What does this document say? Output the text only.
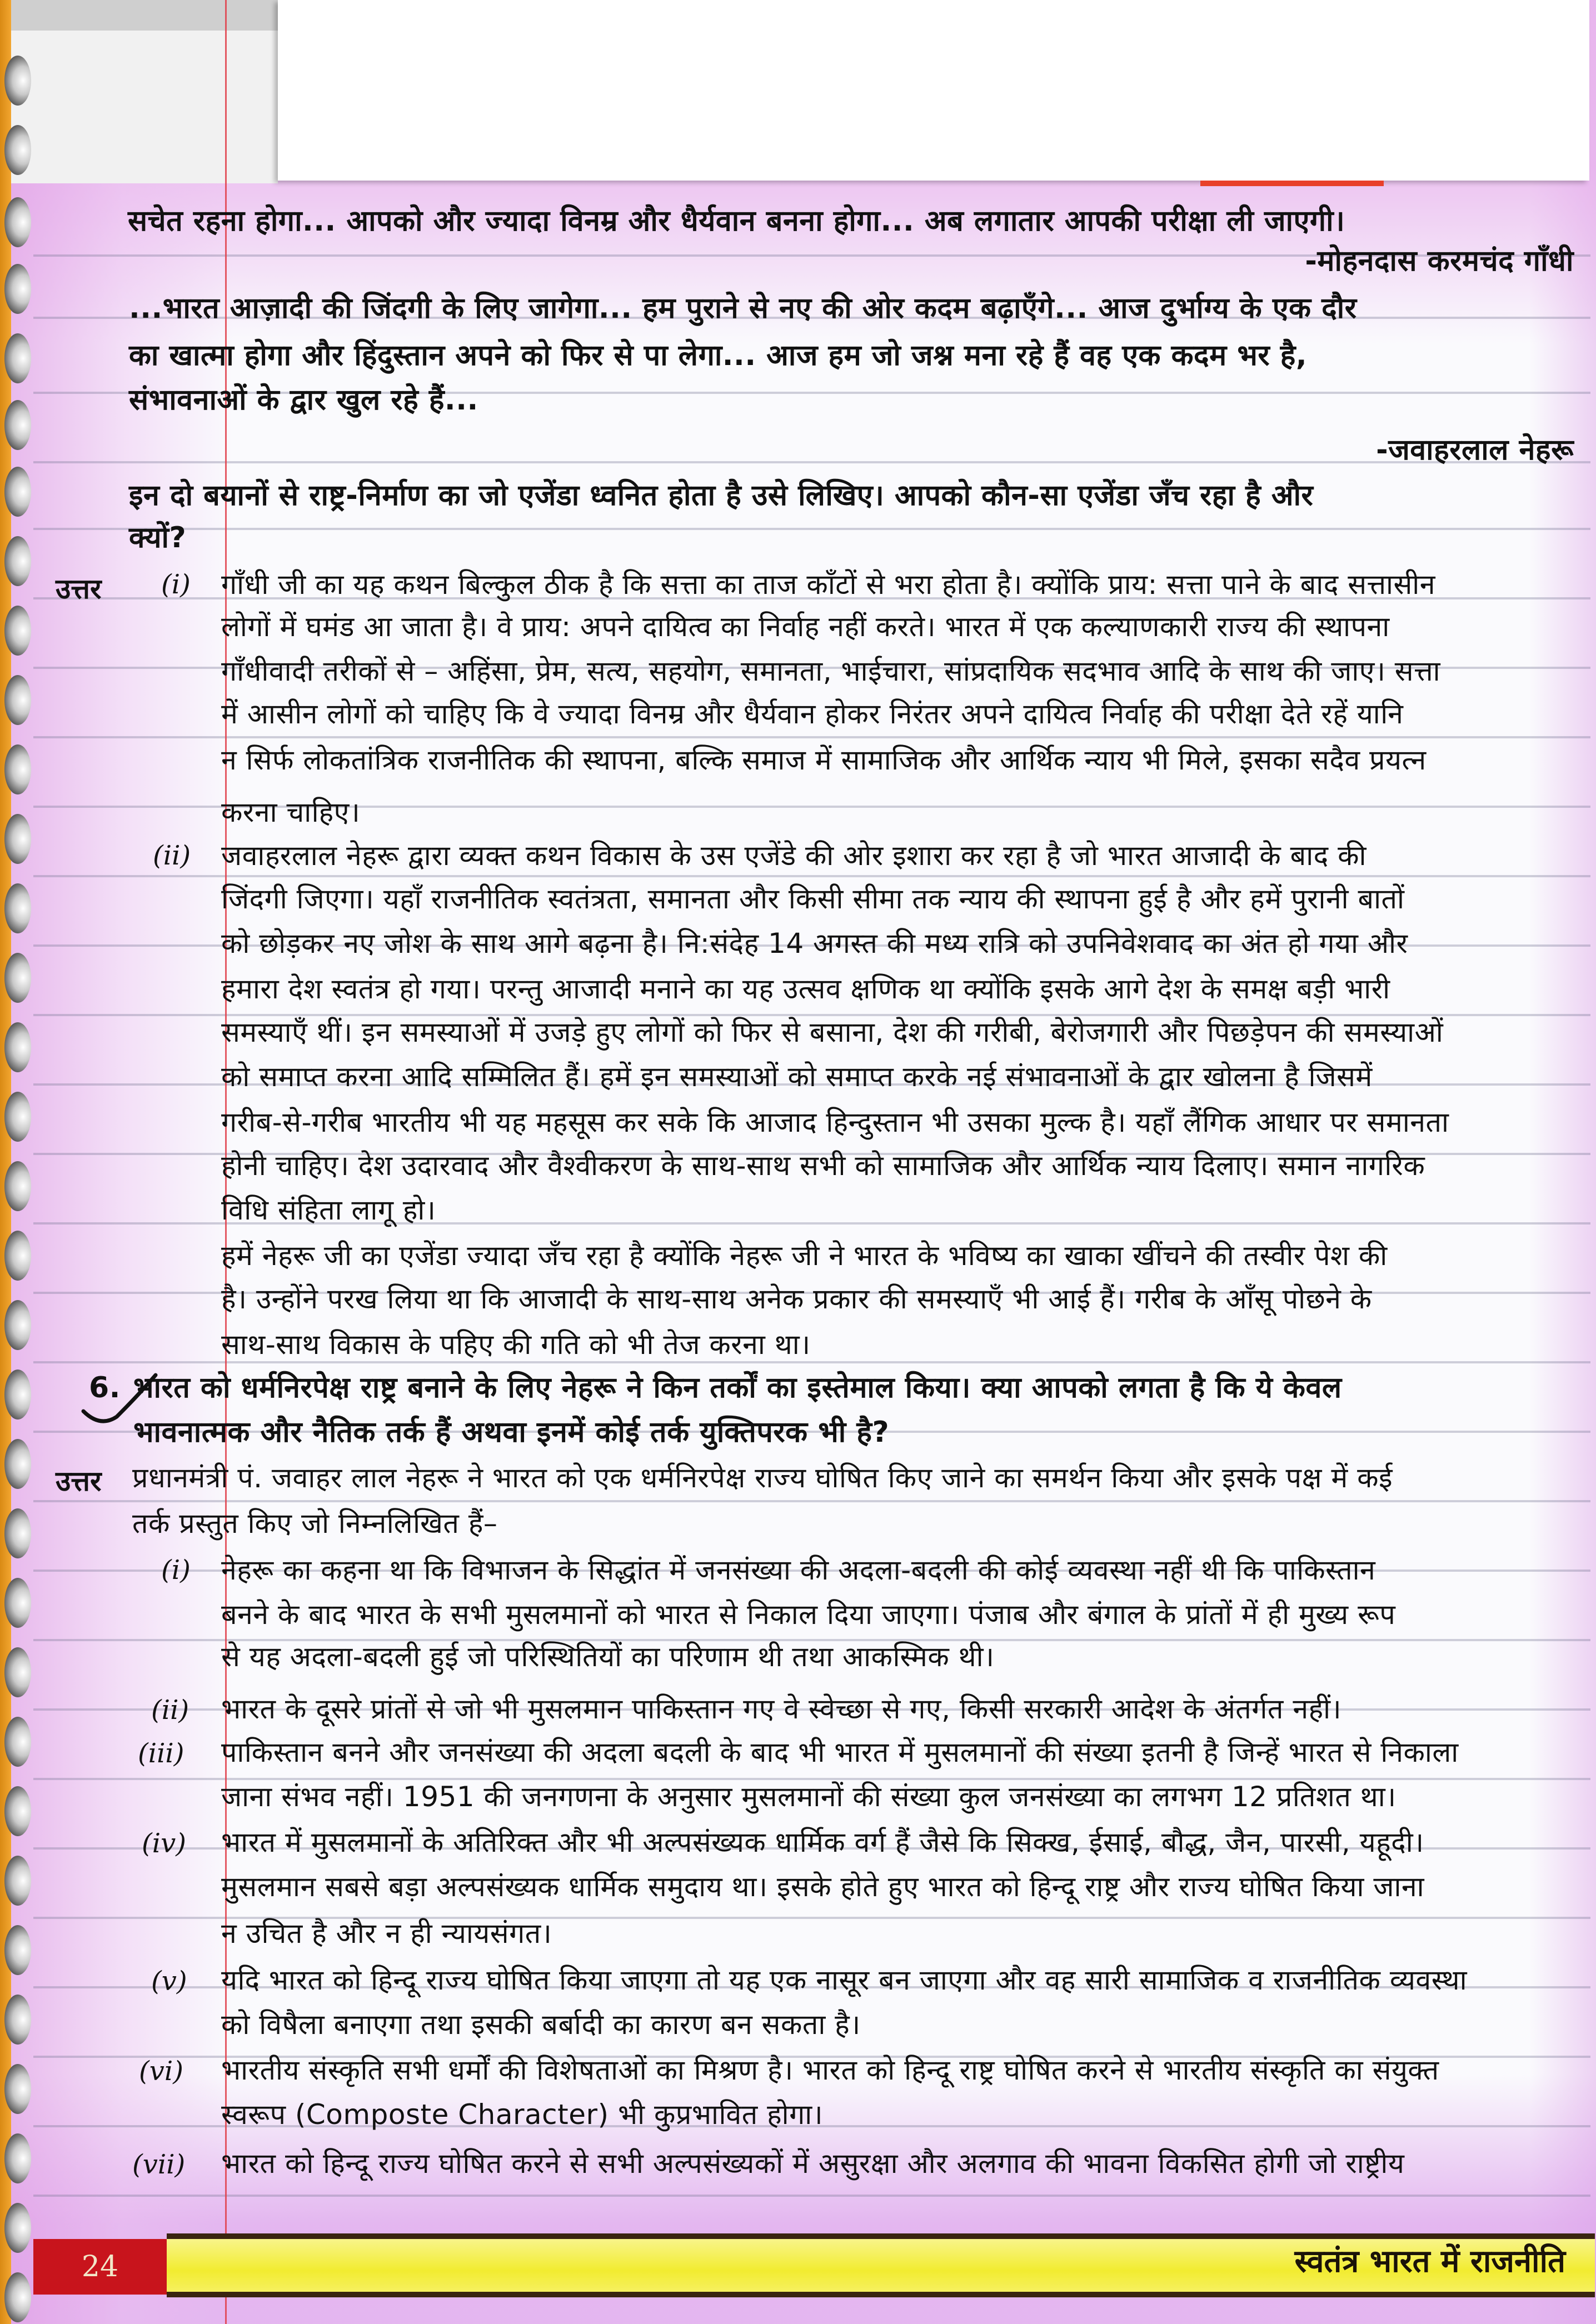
सचेत रहना होगा... आपको और ज्यादा विनम्र और धैर्यवान बनना होगा... अब लगातार आपकी परीक्षा ली जाएगी।
-मोहनदास करमचंद गाँधी
...भारत आज़ादी की जिंदगी के लिए जागेगा... हम पुराने से नए की ओर कदम बढ़ाएँगे... आज दुर्भाग्य के एक दौर
का खात्मा होगा और हिंदुस्तान अपने को फिर से पा लेगा... आज हम जो जश्न मना रहे हैं वह एक कदम भर है,
संभावनाओं के द्वार खुल रहे हैं...
-जवाहरलाल नेहरू
इन दो बयानों से राष्ट्र-निर्माण का जो एजेंडा ध्वनित होता है उसे लिखिए। आपको कौन-सा एजेंडा जँच रहा है और
क्यों?
उत्तर (i) गाँधी जी का यह कथन बिल्कुल ठीक है कि सत्ता का ताज काँटों से भरा होता है। क्योंकि प्राय: सत्ता पाने के बाद सत्तासीन
लोगों में घमंड आ जाता है। वे प्राय: अपने दायित्व का निर्वाह नहीं करते। भारत में एक कल्याणकारी राज्य की स्थापना
गाँधीवादी तरीकों से – अहिंसा, प्रेम, सत्य, सहयोग, समानता, भाईचारा, सांप्रदायिक सदभाव आदि के साथ की जाए। सत्ता
में आसीन लोगों को चाहिए कि वे ज्यादा विनम्र और धैर्यवान होकर निरंतर अपने दायित्व निर्वाह की परीक्षा देते रहें यानि
न सिर्फ लोकतांत्रिक राजनीतिक की स्थापना, बल्कि समाज में सामाजिक और आर्थिक न्याय भी मिले, इसका सदैव प्रयत्न
करना चाहिए।
(ii) जवाहरलाल नेहरू द्वारा व्यक्त कथन विकास के उस एजेंडे की ओर इशारा कर रहा है जो भारत आजादी के बाद की
जिंदगी जिएगा। यहाँ राजनीतिक स्वतंत्रता, समानता और किसी सीमा तक न्याय की स्थापना हुई है और हमें पुरानी बातों
को छोड़कर नए जोश के साथ आगे बढ़ना है। नि:संदेह 14 अगस्त की मध्य रात्रि को उपनिवेशवाद का अंत हो गया और
हमारा देश स्वतंत्र हो गया। परन्तु आजादी मनाने का यह उत्सव क्षणिक था क्योंकि इसके आगे देश के समक्ष बड़ी भारी
समस्याएँ थीं। इन समस्याओं में उजड़े हुए लोगों को फिर से बसाना, देश की गरीबी, बेरोजगारी और पिछड़ेपन की समस्याओं
को समाप्त करना आदि सम्मिलित हैं। हमें इन समस्याओं को समाप्त करके नई संभावनाओं के द्वार खोलना है जिसमें
गरीब-से-गरीब भारतीय भी यह महसूस कर सके कि आजाद हिन्दुस्तान भी उसका मुल्क है। यहाँ लैंगिक आधार पर समानता
होनी चाहिए। देश उदारवाद और वैश्वीकरण के साथ-साथ सभी को सामाजिक और आर्थिक न्याय दिलाए। समान नागरिक
विधि संहिता लागू हो।
हमें नेहरू जी का एजेंडा ज्यादा जँच रहा है क्योंकि नेहरू जी ने भारत के भविष्य का खाका खींचने की तस्वीर पेश की
है। उन्होंने परख लिया था कि आजादी के साथ-साथ अनेक प्रकार की समस्याएँ भी आई हैं। गरीब के आँसू पोछने के
साथ-साथ विकास के पहिए की गति को भी तेज करना था।
6. भारत को धर्मनिरपेक्ष राष्ट्र बनाने के लिए नेहरू ने किन तर्कों का इस्तेमाल किया। क्या आपको लगता है कि ये केवल
भावनात्मक और नैतिक तर्क हैं अथवा इनमें कोई तर्क युक्तिपरक भी है?
उत्तर प्रधानमंत्री पं. जवाहर लाल नेहरू ने भारत को एक धर्मनिरपेक्ष राज्य घोषित किए जाने का समर्थन किया और इसके पक्ष में कई
तर्क प्रस्तुत किए जो निम्नलिखित हैं–
(i) नेहरू का कहना था कि विभाजन के सिद्धांत में जनसंख्या की अदला-बदली की कोई व्यवस्था नहीं थी कि पाकिस्तान
बनने के बाद भारत के सभी मुसलमानों को भारत से निकाल दिया जाएगा। पंजाब और बंगाल के प्रांतों में ही मुख्य रूप
से यह अदला-बदली हुई जो परिस्थितियों का परिणाम थी तथा आकस्मिक थी।
(ii) भारत के दूसरे प्रांतों से जो भी मुसलमान पाकिस्तान गए वे स्वेच्छा से गए, किसी सरकारी आदेश के अंतर्गत नहीं।
(iii) पाकिस्तान बनने और जनसंख्या की अदला बदली के बाद भी भारत में मुसलमानों की संख्या इतनी है जिन्हें भारत से निकाला
जाना संभव नहीं। 1951 की जनगणना के अनुसार मुसलमानों की संख्या कुल जनसंख्या का लगभग 12 प्रतिशत था।
(iv) भारत में मुसलमानों के अतिरिक्त और भी अल्पसंख्यक धार्मिक वर्ग हैं जैसे कि सिक्ख, ईसाई, बौद्ध, जैन, पारसी, यहूदी।
मुसलमान सबसे बड़ा अल्पसंख्यक धार्मिक समुदाय था। इसके होते हुए भारत को हिन्दू राष्ट्र और राज्य घोषित किया जाना
न उचित है और न ही न्यायसंगत।
(v) यदि भारत को हिन्दू राज्य घोषित किया जाएगा तो यह एक नासूर बन जाएगा और वह सारी सामाजिक व राजनीतिक व्यवस्था
को विषैला बनाएगा तथा इसकी बर्बादी का कारण बन सकता है।
(vi) भारतीय संस्कृति सभी धर्मों की विशेषताओं का मिश्रण है। भारत को हिन्दू राष्ट्र घोषित करने से भारतीय संस्कृति का संयुक्त
स्वरूप (Composte Character) भी कुप्रभावित होगा।
(vii) भारत को हिन्दू राज्य घोषित करने से सभी अल्पसंख्यकों में असुरक्षा और अलगाव की भावना विकसित होगी जो राष्ट्रीय
24	स्वतंत्र भारत में राजनीति
